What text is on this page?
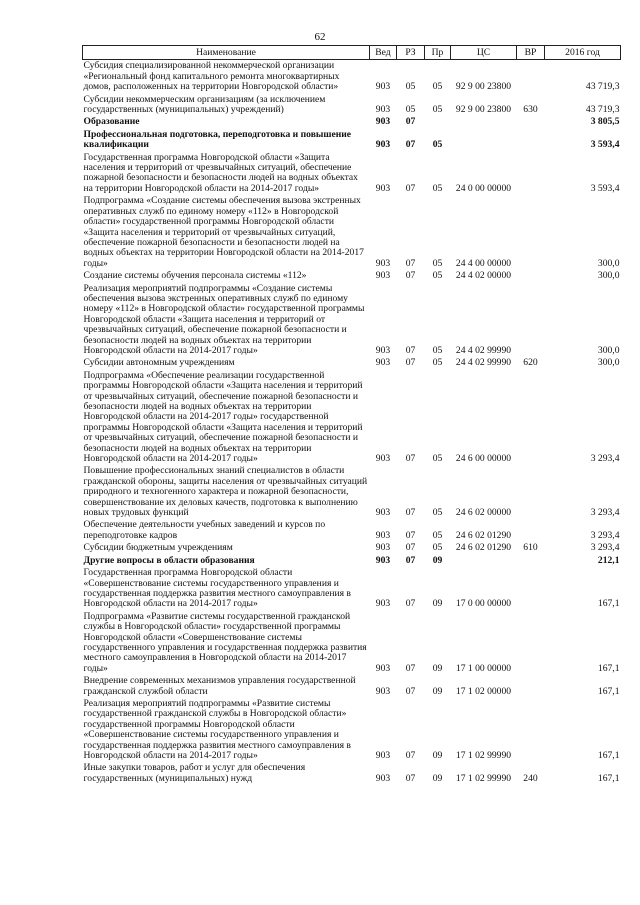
62
Наименование	Вед	РЗ	Пр	ЦС	ВР	2016 год
Субсидия специализированной некоммерческой организации «Региональный фонд капитального ремонта многоквартирных домов, расположенных на территории Новгородской области»	903	05	05	92 9 00 23800		43 719,3
Субсидии некоммерческим организациям (за исключением государственных (муниципальных) учреждений)	903	05	05	92 9 00 23800	630	43 719,3
Образование	903	07				3 805,5
Профессиональная подготовка, переподготовка и повышение квалификации	903	07	05			3 593,4
Государственная программа Новгородской области «Защита населения и территорий от чрезвычайных ситуаций, обеспечение пожарной безопасности и безопасности людей на водных объектах на территории Новгородской области на 2014-2017 годы»	903	07	05	24 0 00 00000		3 593,4
Подпрограмма «Создание системы обеспечения вызова экстренных оперативных служб по единому номеру «112» в Новгородской области» государственной программы Новгородской области «Защита населения и территорий от чрезвычайных ситуаций, обеспечение пожарной безопасности и безопасности людей на водных объектах на территории Новгородской области на 2014-2017 годы»	903	07	05	24 4 00 00000		300,0
Создание системы обучения персонала системы «112»	903	07	05	24 4 02 00000		300,0
Реализация мероприятий подпрограммы «Создание системы обеспечения вызова экстренных оперативных служб по единому номеру «112» в Новгородской области» государственной программы Новгородской области «Защита населения и территорий от чрезвычайных ситуаций, обеспечение пожарной безопасности и безопасности людей на водных объектах на территории Новгородской области на 2014-2017 годы»	903	07	05	24 4 02 99990		300,0
Субсидии автономным учреждениям	903	07	05	24 4 02 99990	620	300,0
Подпрограмма «Обеспечение реализации государственной программы Новгородской области «Защита населения и территорий от чрезвычайных ситуаций, обеспечение пожарной безопасности и безопасности людей на водных объектах на территории Новгородской области на 2014-2017 годы» государственной программы Новгородской области «Защита населения и территорий от чрезвычайных ситуаций, обеспечение пожарной безопасности и безопасности людей на водных объектах на территории Новгородской области на 2014-2017 годы»	903	07	05	24 6 00 00000		3 293,4
Повышение профессиональных знаний специалистов в области гражданской обороны, защиты населения от чрезвычайных ситуаций природного и техногенного характера и пожарной безопасности, совершенствование их деловых качеств, подготовка к выполнению новых трудовых функций	903	07	05	24 6 02 00000		3 293,4
Обеспечение деятельности учебных заведений и курсов по переподготовке кадров	903	07	05	24 6 02 01290		3 293,4
Субсидии бюджетным учреждениям	903	07	05	24 6 02 01290	610	3 293,4
Другие вопросы в области образования	903	07	09			212,1
Государственная программа Новгородской области «Совершенствование системы государственного управления и государственная поддержка развития местного самоуправления в Новгородской области на 2014-2017 годы»	903	07	09	17 0 00 00000		167,1
Подпрограмма «Развитие системы государственной гражданской службы в Новгородской области» государственной программы Новгородской области «Совершенствование системы государственного управления и государственная поддержка развития местного самоуправления в Новгородской области на 2014-2017 годы»	903	07	09	17 1 00 00000		167,1
Внедрение современных механизмов управления государственной гражданской службой области	903	07	09	17 1 02 00000		167,1
Реализация мероприятий подпрограммы «Развитие системы государственной гражданской службы в Новгородской области» государственной программы Новгородской области «Совершенствование системы государственного управления и государственная поддержка развития местного самоуправления в Новгородской области на 2014-2017 годы»	903	07	09	17 1 02 99990		167,1
Иные закупки товаров, работ и услуг для обеспечения государственных (муниципальных) нужд	903	07	09	17 1 02 99990	240	167,1
